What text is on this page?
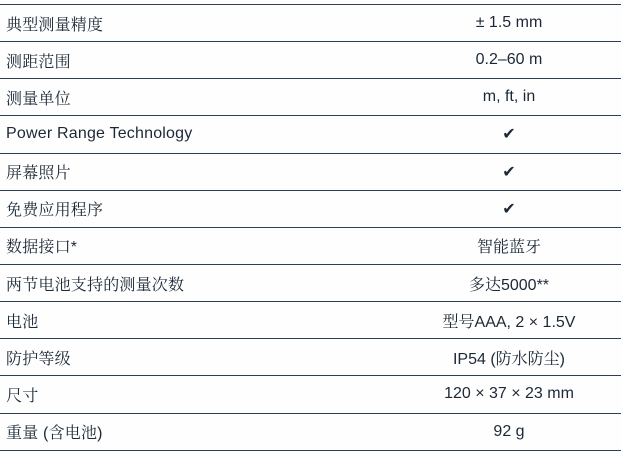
典型测量精度	± 1.5 mm
测距范围	0.2–60 m
测量单位	m, ft, in
Power Range Technology	✔
屏幕照片	✔
免费应用程序	✔
数据接口*	智能蓝牙
两节电池支持的测量次数	多达5000**
电池	型号AAA, 2 × 1.5V
防护等级	IP54 (防水防尘)
尺寸	120 × 37 × 23 mm
重量 (含电池)	92 g
